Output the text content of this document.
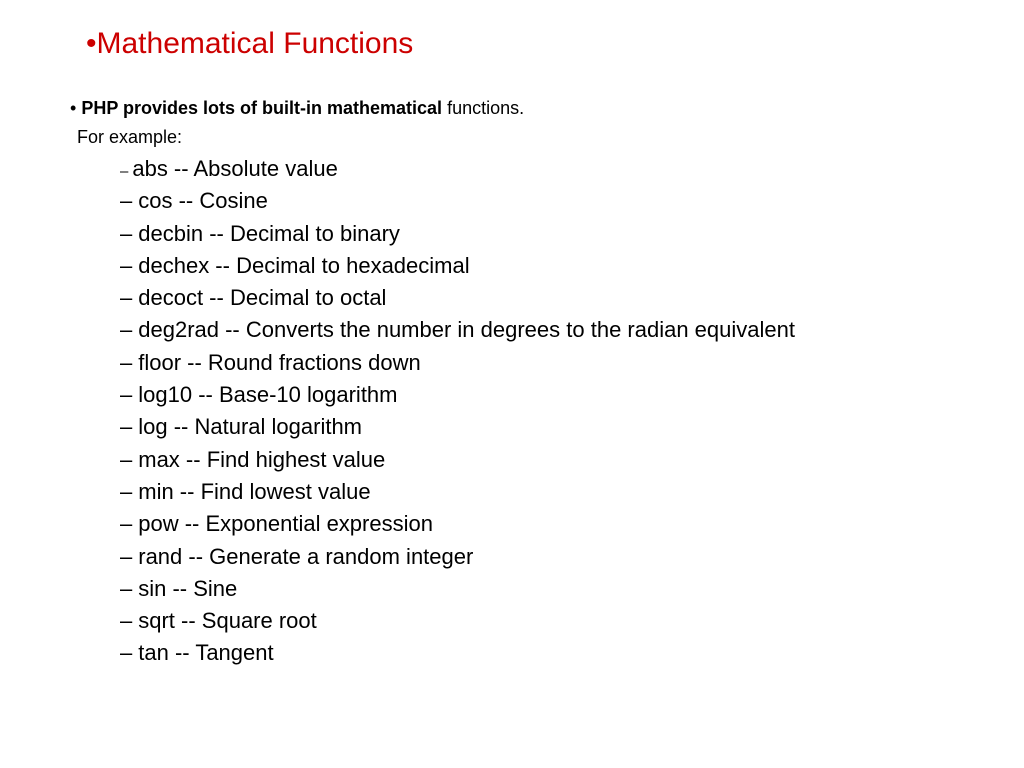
•Mathematical Functions
• PHP provides lots of built-in mathematical functions.
For example:
– abs -- Absolute value
– cos -- Cosine
– decbin -- Decimal to binary
– dechex -- Decimal to hexadecimal
– decoct -- Decimal to octal
– deg2rad -- Converts the number in degrees to the radian equivalent
– floor -- Round fractions down
– log10 -- Base-10 logarithm
– log -- Natural logarithm
– max -- Find highest value
– min -- Find lowest value
– pow -- Exponential expression
– rand -- Generate a random integer
– sin -- Sine
– sqrt -- Square root
– tan -- Tangent
